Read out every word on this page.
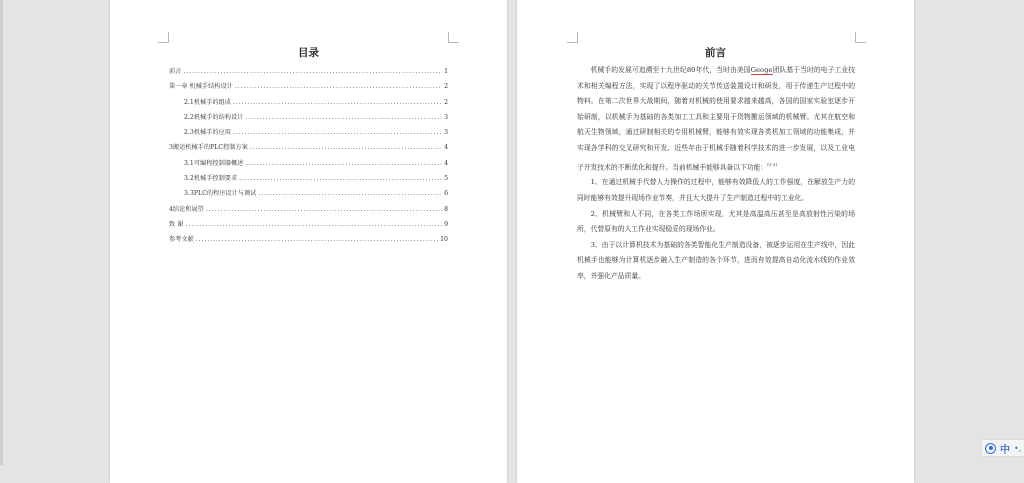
目录
前言 .....	1
第一章 机械手结构设计 .....	2
2.1机械手的组成 .....	2
2.2机械手的结构设计 .....	3
2.3机械手的应用 .....	3
3搬运机械手的PLC控制方案 .....	4
3.1可编程控制器概述 .....	4
3.2机械手控制要求 .....	5
3.3PLC的程序设计与调试 .....	6
4结论和展望 .....	8
致 谢 .....	9
参考文献 .....	10
前言

机械手的发展可追溯至十九世纪80年代，当时由美国Geoge团队基于当时的电子工业技术和相关编程方法，实现了以程序驱动的关节传送装置设计和研发，用于传递生产过程中的物料。在第二次世界大战期间，随着对机械的使用要求越来越高，各国的国家实验室逐步开始研制，以机械手为基础的各类加工工具和主要用于货物搬运领域的机械臂。尤其在航空和航天生物领域，通过研制相关的专用机械臂，能够有效实现各类机加工领域的功能集成，并实现各学科的交叉研究和开发。近些年由于机械手随着科学技术的进一步发展，以及工业电子开发技术的不断优化和提升。当前机械手能够具备以下功能：[1-3]

1、在通过机械手代替人力操作的过程中，能够有效降低人的工作强度，在解放生产力的同时能够有效提升现场作业节奏，并且大大提升了生产制造过程中的工业化。

2、机械臂和人不同，在各类工作场所实现，尤其是高温高压甚至是高放射性污染的场所，代替原有的人工作业实现稳妥的现场作业。

3、由于以计算机技术为基础的各类智能化生产制造设备，被逐步运用在生产线中，因此机械手也能够为计算机逐步融入生产制造的各个环节，进而有效提高自动化流水线的作业效率，并强化产品质量。

中 •,
